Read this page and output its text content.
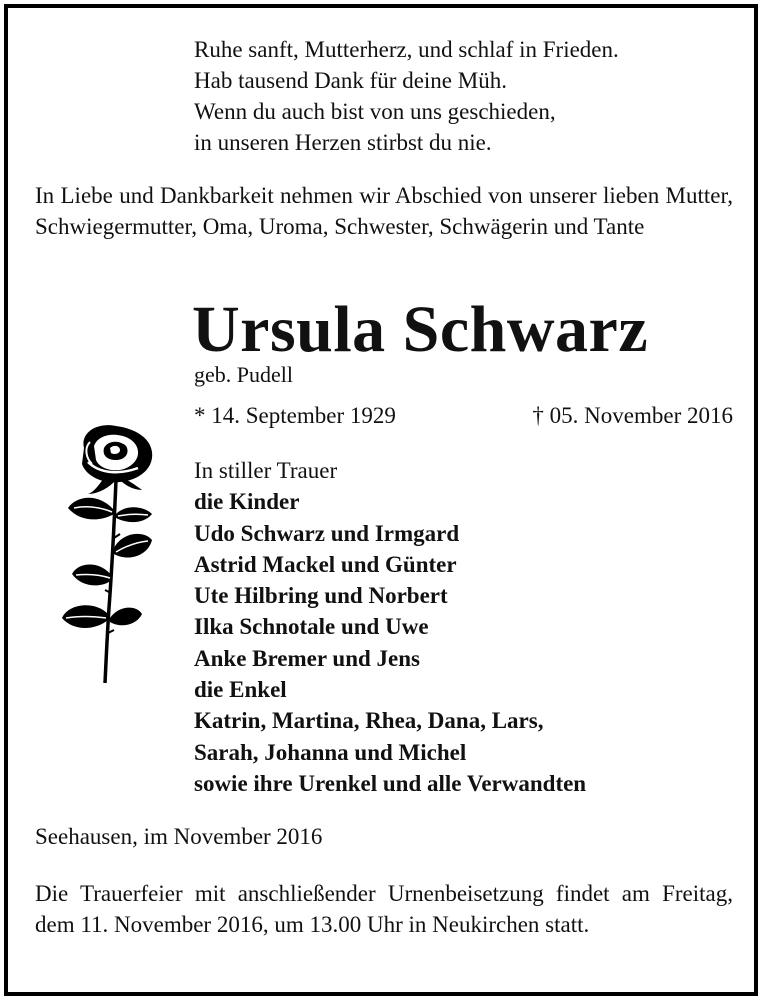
Ruhe sanft, Mutterherz, und schlaf in Frieden.
Hab tausend Dank für deine Müh.
Wenn du auch bist von uns geschieden,
in unseren Herzen stirbst du nie.
In Liebe und Dankbarkeit nehmen wir Abschied von unserer lieben Mutter, Schwiegermutter, Oma, Uroma, Schwester, Schwägerin und Tante
Ursula Schwarz
geb. Pudell
* 14. September 1929	† 05. November 2016
In stiller Trauer
die Kinder
Udo Schwarz und Irmgard
Astrid Mackel und Günter
Ute Hilbring und Norbert
Ilka Schnotale und Uwe
Anke Bremer und Jens
die Enkel
Katrin, Martina, Rhea, Dana, Lars,
Sarah, Johanna und Michel
sowie ihre Urenkel und alle Verwandten
Seehausen, im November 2016
Die Trauerfeier mit anschließender Urnenbeisetzung findet am Freitag, dem 11. November 2016, um 13.00 Uhr in Neukirchen statt.
